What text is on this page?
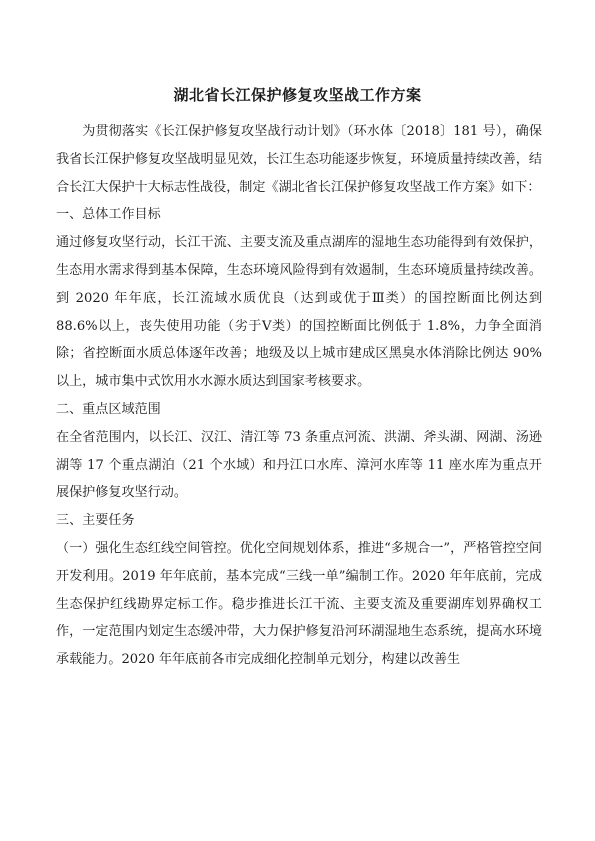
湖北省长江保护修复攻坚战工作方案

为贯彻落实《长江保护修复攻坚战行动计划》（环水体〔2018〕181 号），确保我省长江保护修复攻坚战明显见效，长江生态功能逐步恢复，环境质量持续改善，结合长江大保护十大标志性战役，制定《湖北省长江保护修复攻坚战工作方案》如下：

一、总体工作目标

通过修复攻坚行动，长江干流、主要支流及重点湖库的湿地生态功能得到有效保护，生态用水需求得到基本保障，生态环境风险得到有效遏制，生态环境质量持续改善。到 2020 年年底，长江流域水质优良（达到或优于Ⅲ类）的国控断面比例达到 88.6%以上，丧失使用功能（劣于Ⅴ类）的国控断面比例低于 1.8%，力争全面消除；省控断面水质总体逐年改善；地级及以上城市建成区黑臭水体消除比例达 90%以上，城市集中式饮用水水源水质达到国家考核要求。

二、重点区域范围

在全省范围内，以长江、汉江、清江等 73 条重点河流、洪湖、斧头湖、网湖、汤逊湖等 17 个重点湖泊（21 个水域）和丹江口水库、漳河水库等 11 座水库为重点开展保护修复攻坚行动。

三、主要任务

（一）强化生态红线空间管控。优化空间规划体系，推进“多规合一”，严格管控空间开发利用。2019 年年底前，基本完成“三线一单”编制工作。2020 年年底前，完成生态保护红线勘界定标工作。稳步推进长江干流、主要支流及重要湖库划界确权工作，一定范围内划定生态缓冲带，大力保护修复沿河环湖湿地生态系统，提高水环境承载能力。2020 年年底前各市完成细化控制单元划分，构建以改善生
